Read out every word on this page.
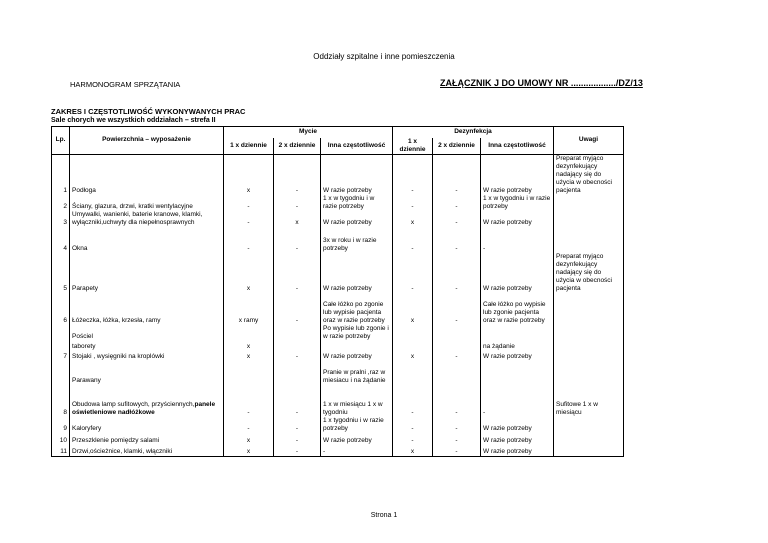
Oddziały szpitalne i inne pomieszczenia
HARMONOGRAM SPRZĄTANIA	ZAŁĄCZNIK J DO UMOWY NR ................../DZ/13
ZAKRES I CZĘSTOTLIWOŚĆ WYKONYWANYCH PRAC
Sale chorych we wszystkich oddziałach – strefa II
Lp.	Powierzchnia – wyposażenie	Mycie			Dezynfekcja			Uwagi
		1 x dziennie	2 x dziennie	Inna częstotliwość	1 x dziennie	2 x dziennie	Inna częstotliwość	
1	Podłoga	x	-	W razie potrzeby	-	-	W razie potrzeby	Preparat myjąco dezynfekujący nadający się do użycia w obecności pacjenta
2	Ściany, glazura, drzwi, kratki wentylacyjne	-	-	1 x w tygodniu i w razie potrzeby	-	-	1 x w tygodniu i w razie potrzeby	
3	Umywalki, wanienki, baterie kranowe, klamki, wyłączniki,uchwyty dla niepełnosprawnych	-	x	W razie potrzeby	x	-	W razie potrzeby	
4	Okna	-	-	3x w roku i w razie potrzeby	-	-	-	
5	Parapety	x	-	W razie potrzeby	-	-	W razie potrzeby	Preparat myjąco dezynfekujący nadający się do użycia w obecności pacjenta
6	Łóżeczka, łóżka, krzesła, ramy	x ramy	-	Całe łóżko po zgonie lub wypisie pacjenta oraz w razie potrzeby	x	-	Całe łóżko po wypisie lub zgonie pacjenta oraz w razie potrzeby	
	Pościel			Po wypisie lub zgonie i w razie potrzeby				
	taborety	x					na żądanie	
7	Stojaki , wysięgniki na kroplówki	x	-	W razie potrzeby	x	-	W razie potrzeby	
	Parawany			Pranie w pralni ,raz w miesiacu i na żądanie				
8	Obudowa lamp sufitowych, przyściennych,panele oświetleniowe nadłóżkowe	-	-	1 x w miesiącu 1 x w tygodniu	-	-	-	Sufitowe 1 x w miesiącu
9	Kaloryfery	-	-	1 x tygodniu i w razie potrzeby	-	-	W razie potrzeby	
10	Przeszklenie pomiędzy salami	x	-	W razie potrzeby	-	-	W razie potrzeby	
11	Drzwi,ościeżnice, klamki, włączniki	x	-	-	x	-	W razie potrzeby	
Strona 1
